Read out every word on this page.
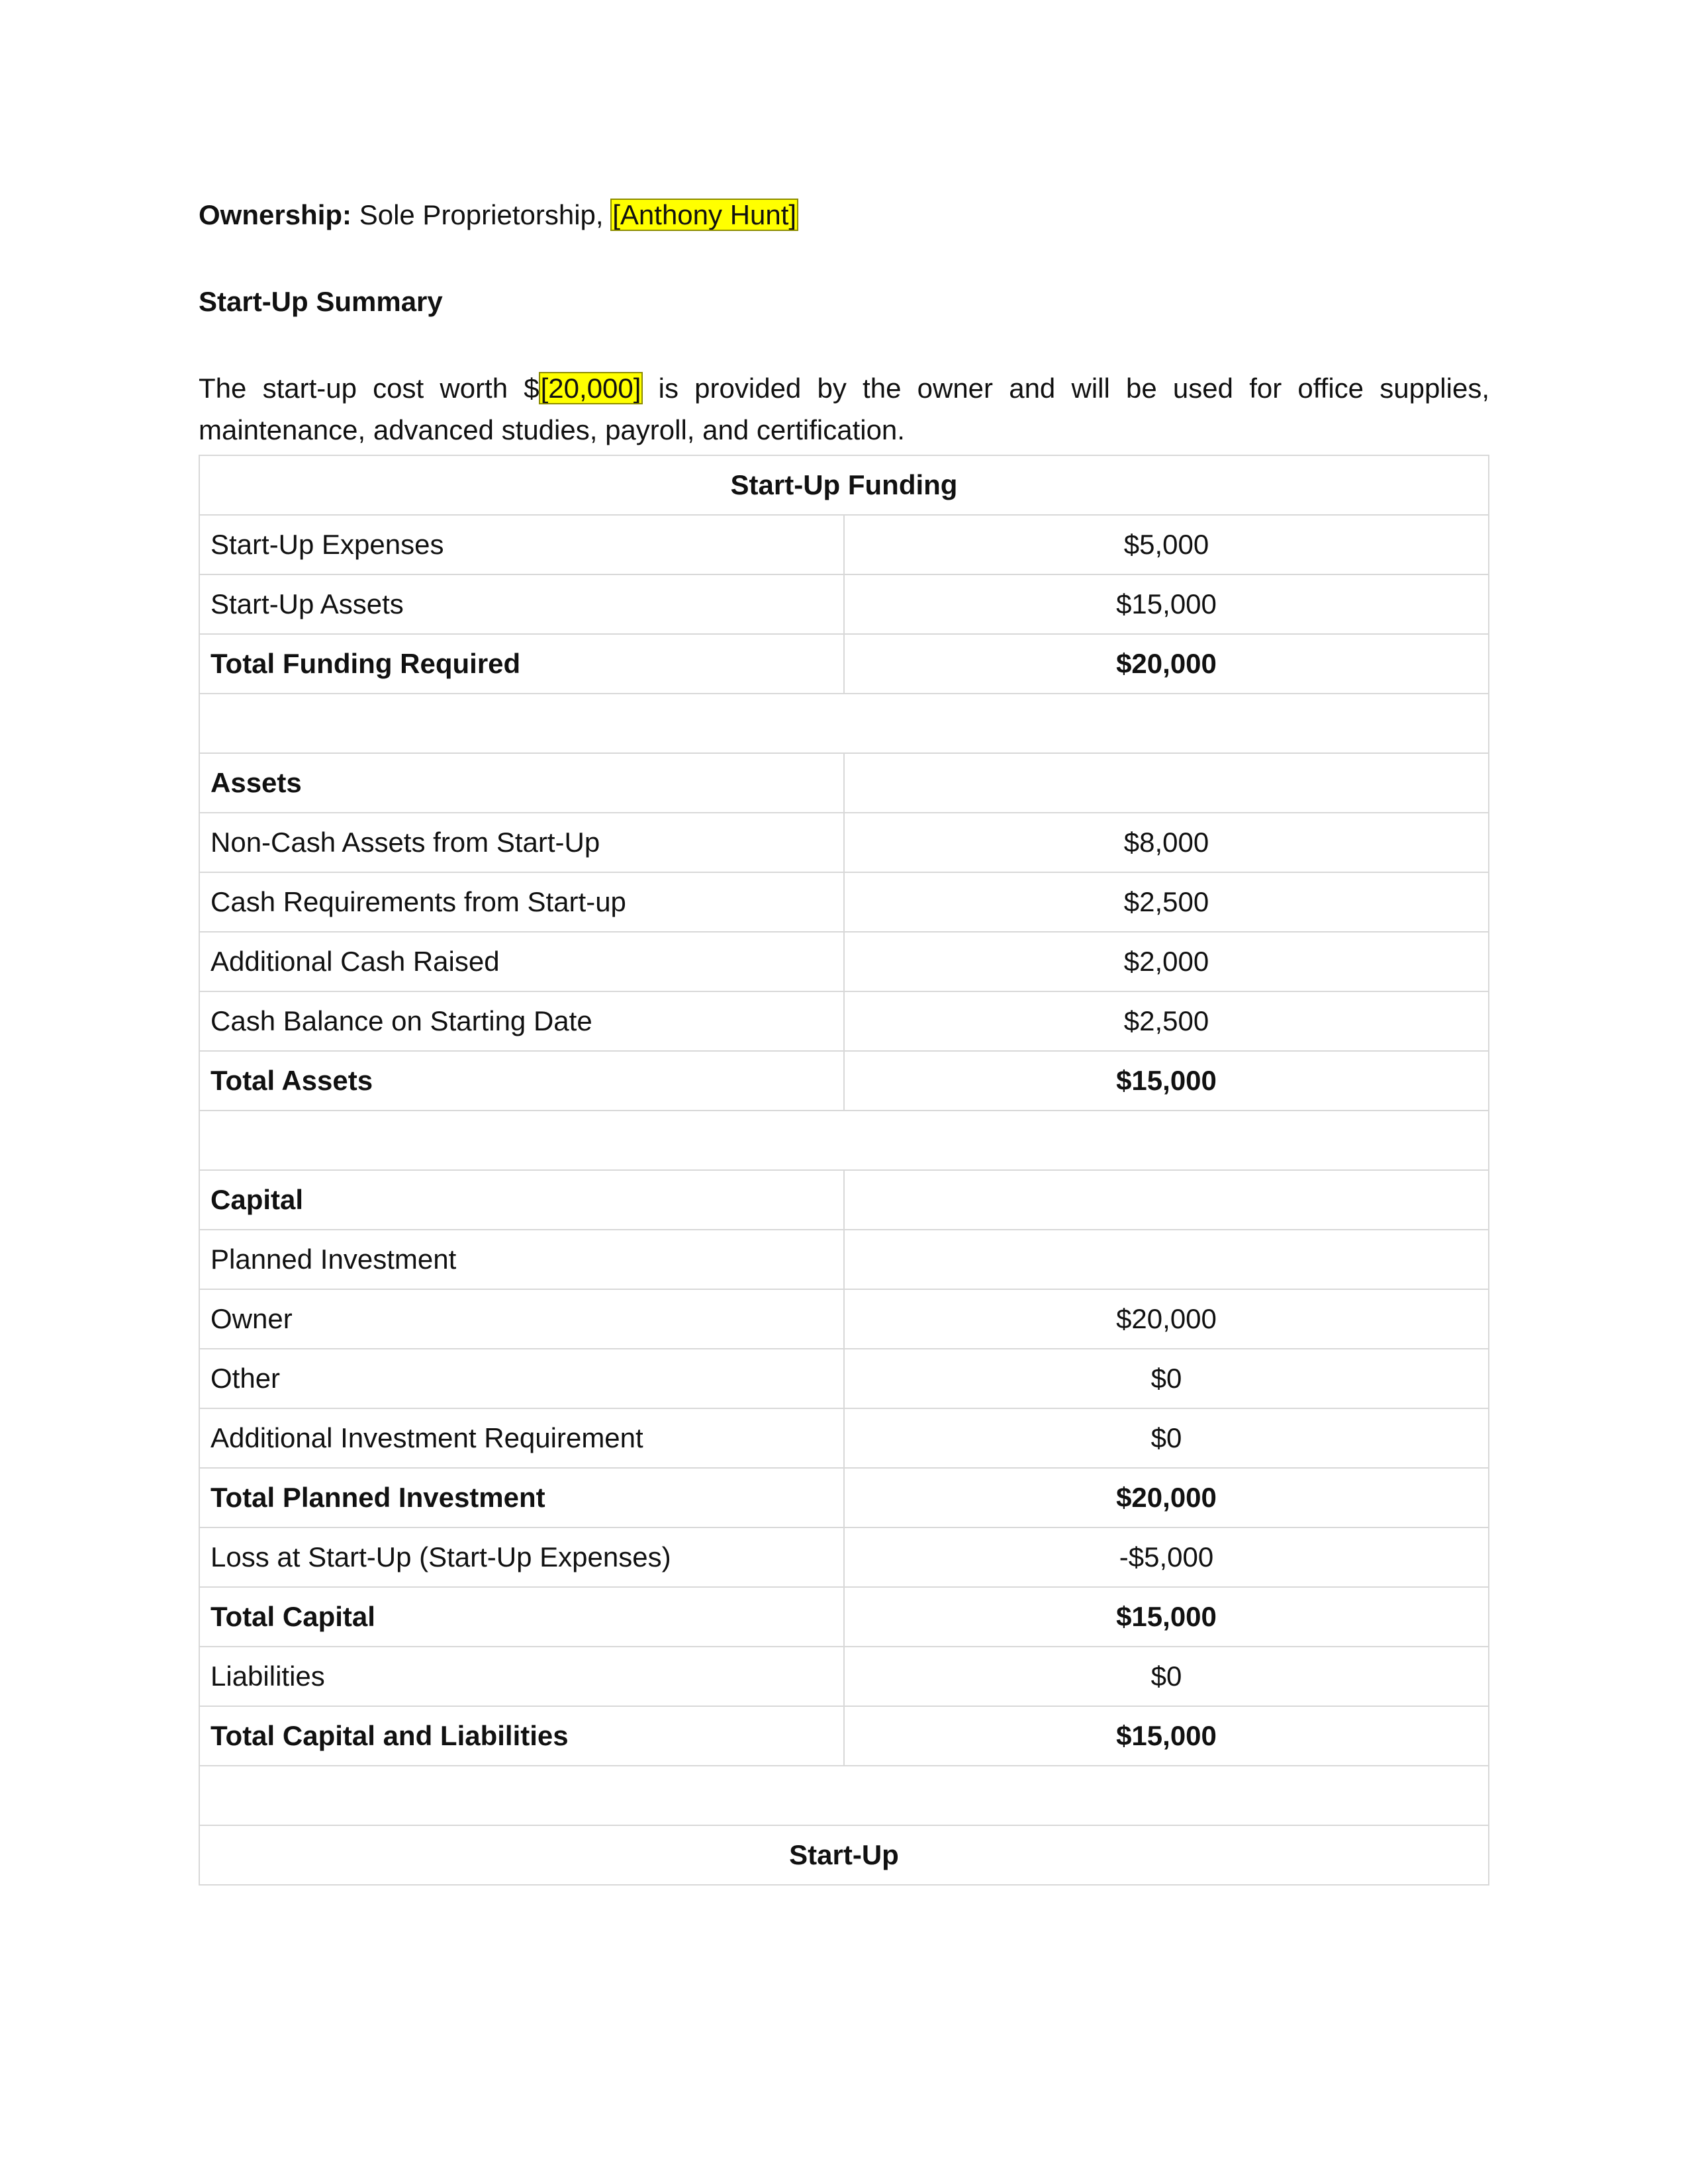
Ownership: Sole Proprietorship, [Anthony Hunt]
Start-Up Summary

The start-up cost worth $[20,000] is provided by the owner and will be used for office supplies, maintenance, advanced studies, payroll, and certification.

Start-Up Funding	
Start-Up Expenses	$5,000
Start-Up Assets	$15,000
Total Funding Required	$20,000

Assets	
Non-Cash Assets from Start-Up	$8,000
Cash Requirements from Start-up	$2,500
Additional Cash Raised	$2,000
Cash Balance on Starting Date	$2,500
Total Assets	$15,000

Capital	
Planned Investment	
Owner	$20,000
Other	$0
Additional Investment Requirement	$0
Total Planned Investment	$20,000
Loss at Start-Up (Start-Up Expenses)	-$5,000
Total Capital	$15,000
Liabilities	$0
Total Capital and Liabilities	$15,000

Start-Up	
